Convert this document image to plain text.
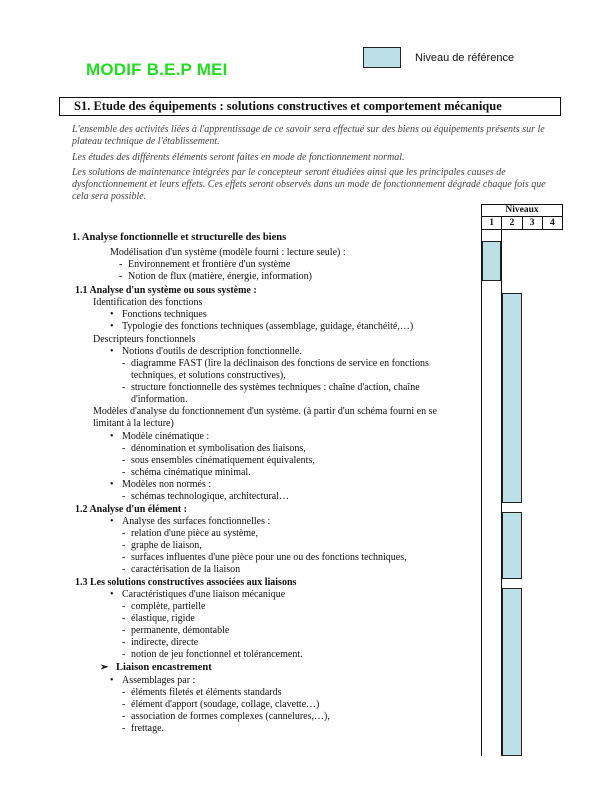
MODIF B.E.P MEI
Niveau de référence
S1. Etude des équipements : solutions constructives et comportement mécanique
L'ensemble des activités liées à l'apprentissage de ce savoir sera effectué sur des biens ou équipements présents sur le plateau technique de l'établissement.
Les études des différents éléments seront faites en mode de fonctionnement normal.
Les solutions de maintenance intégrées par le concepteur seront étudiées ainsi que les principales causes de dysfonctionnement et leurs effets. Ces effets seront observés dans un mode de fonctionnement dégradé chaque fois que cela sera possible.
Niveaux
1	2	3	4
1. Analyse fonctionnelle et structurelle des biens
Modélisation d'un système (modèle fourni : lecture seule) :
- Environnement et frontière d'un système
- Notion de flux (matière, énergie, information)
1.1 Analyse d'un système ou sous système :
Identification des fonctions
• Fonctions techniques
• Typologie des fonctions techniques (assemblage, guidage, étanchéité,…)
Descripteurs fonctionnels
• Notions d'outils de description fonctionnelle.
- diagramme FAST (lire la déclinaison des fonctions de service en fonctions
techniques, et solutions constructives),
- structure fonctionnelle des systèmes techniques : chaîne d'action, chaîne
d'information.
Modèles d'analyse du fonctionnement d'un système. (à partir d'un schéma fourni en se
limitant à la lecture)
• Modèle cinématique :
- dénomination et symbolisation des liaisons,
- sous ensembles cinématiquement équivalents,
- schéma cinématique minimal.
• Modèles non normés :
- schémas technologique, architectural…
1.2 Analyse d'un élément :
• Analyse des surfaces fonctionnelles :
- relation d'une pièce au système,
- graphe de liaison,
- surfaces influentes d'une pièce pour une ou des fonctions techniques,
- caractérisation de la liaison
1.3 Les solutions constructives associées aux liaisons
• Caractéristiques d'une liaison mécanique
- complète, partielle
- élastique, rigide
- permanente, démontable
- indirecte, directe
- notion de jeu fonctionnel et tolérancement.
➢ Liaison encastrement
• Assemblages par :
- éléments filetés et éléments standards
- élément d'apport (soudage, collage, clavette…)
- association de formes complexes (cannelures,…),
- frettage.
